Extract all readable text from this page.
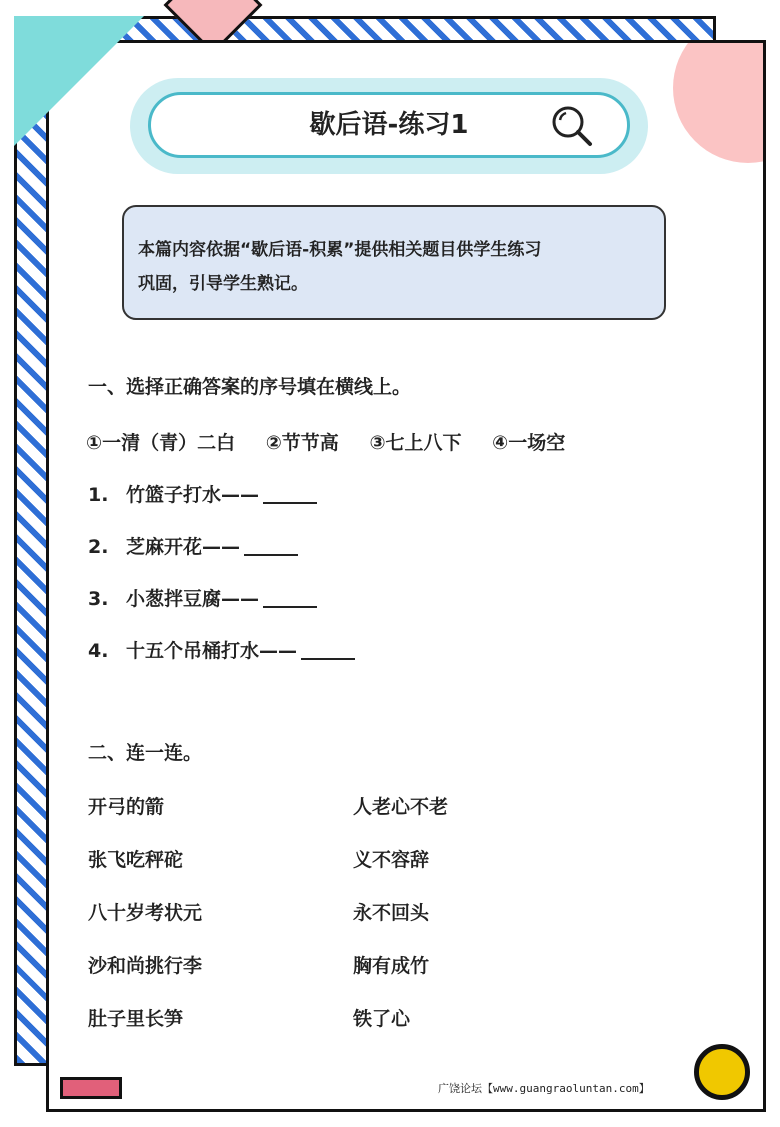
歇后语-练习1
本篇内容依据“歇后语-积累”提供相关题目供学生练习
巩固，引导学生熟记。
一、选择正确答案的序号填在横线上。
①一清（青）二白 ②节节高 ③七上八下 ④一场空
1. 竹篮子打水——
2. 芝麻开花——
3. 小葱拌豆腐——
4. 十五个吊桶打水——
二、连一连。
开弓的箭
张飞吃秤砣
八十岁考状元
沙和尚挑行李
肚子里长笋
人老心不老
义不容辞
永不回头
胸有成竹
铁了心
广饶论坛【www.guangraoluntan.com】
